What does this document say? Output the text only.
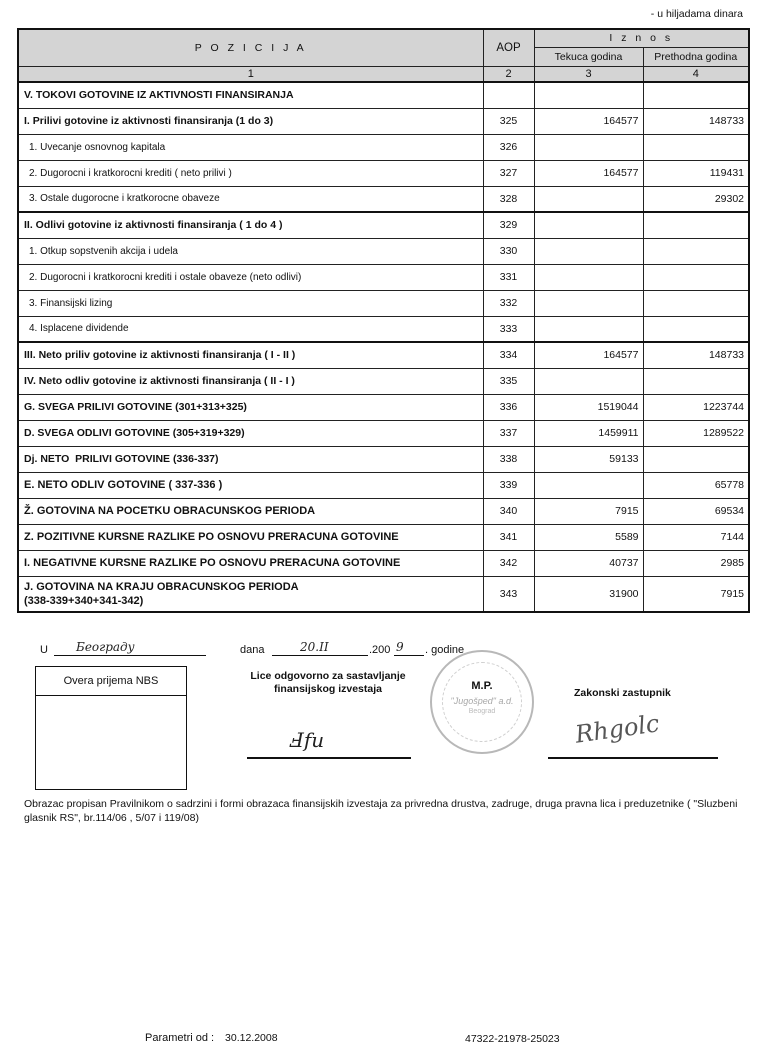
- u hiljadama dinara
P O Z I C I J A	AOP	I z n o s	
		Tekuca godina	Prethodna godina
1	2	3	4
V. TOKOVI GOTOVINE IZ AKTIVNOSTI FINANSIRANJA			
I. Prilivi gotovine iz aktivnosti finansiranja (1 do 3)	325	164577	148733
1. Uvecanje osnovnog kapitala	326		
2. Dugorocni i kratkorocni krediti ( neto prilivi )	327	164577	119431
3. Ostale dugorocne i kratkorocne obaveze	328		29302
II. Odlivi gotovine iz aktivnosti finansiranja ( 1 do 4 )	329		
1. Otkup sopstvenih akcija i udela	330		
2. Dugorocni i kratkorocni krediti i ostale obaveze (neto odlivi)	331		
3. Finansijski lizing	332		
4. Isplacene dividende	333		
III. Neto priliv gotovine iz aktivnosti finansiranja ( I - II )	334	164577	148733
IV. Neto odliv gotovine iz aktivnosti finansiranja ( II - I )	335		
G. SVEGA PRILIVI GOTOVINE (301+313+325)	336	1519044	1223744
D. SVEGA ODLIVI GOTOVINE (305+319+329)	337	1459911	1289522
Dj. NETO  PRILIVI GOTOVINE (336-337)	338	59133	
E. NETO ODLIV GOTOVINE ( 337-336 )	339		65778
Ž. GOTOVINA NA POCETKU OBRACUNSKOG PERIODA	340	7915	69534
Z. POZITIVNE KURSNE RAZLIKE PO OSNOVU PRERACUNA GOTOVINE	341	5589	7144
I. NEGATIVNE KURSNE RAZLIKE PO OSNOVU PRERACUNA GOTOVINE	342	40737	2985
J. GOTOVINA NA KRAJU OBRACUNSKOG PERIODA (338-339+340+341-342)	343	31900	7915
U Београду	dana	20.II	.200 9 . godine
Overa prijema NBS	Lice odgovorno za sastavljanje finansijskog izvestaja
Ⅎfu
M.P.
"Jugošped" a.d.
Beograd
Zakonski zastupnik
Rhgolc
Obrazac propisan Pravilnikom o sadrzini i formi obrazaca finansijskih izvestaja za privredna drustva, zadruge, druga pravna lica i preduzetnike ( "Sluzbeni glasnik RS", br.114/06 , 5/07 i 119/08)
Parametri od : 30.12.2008	47322-21978-25023
